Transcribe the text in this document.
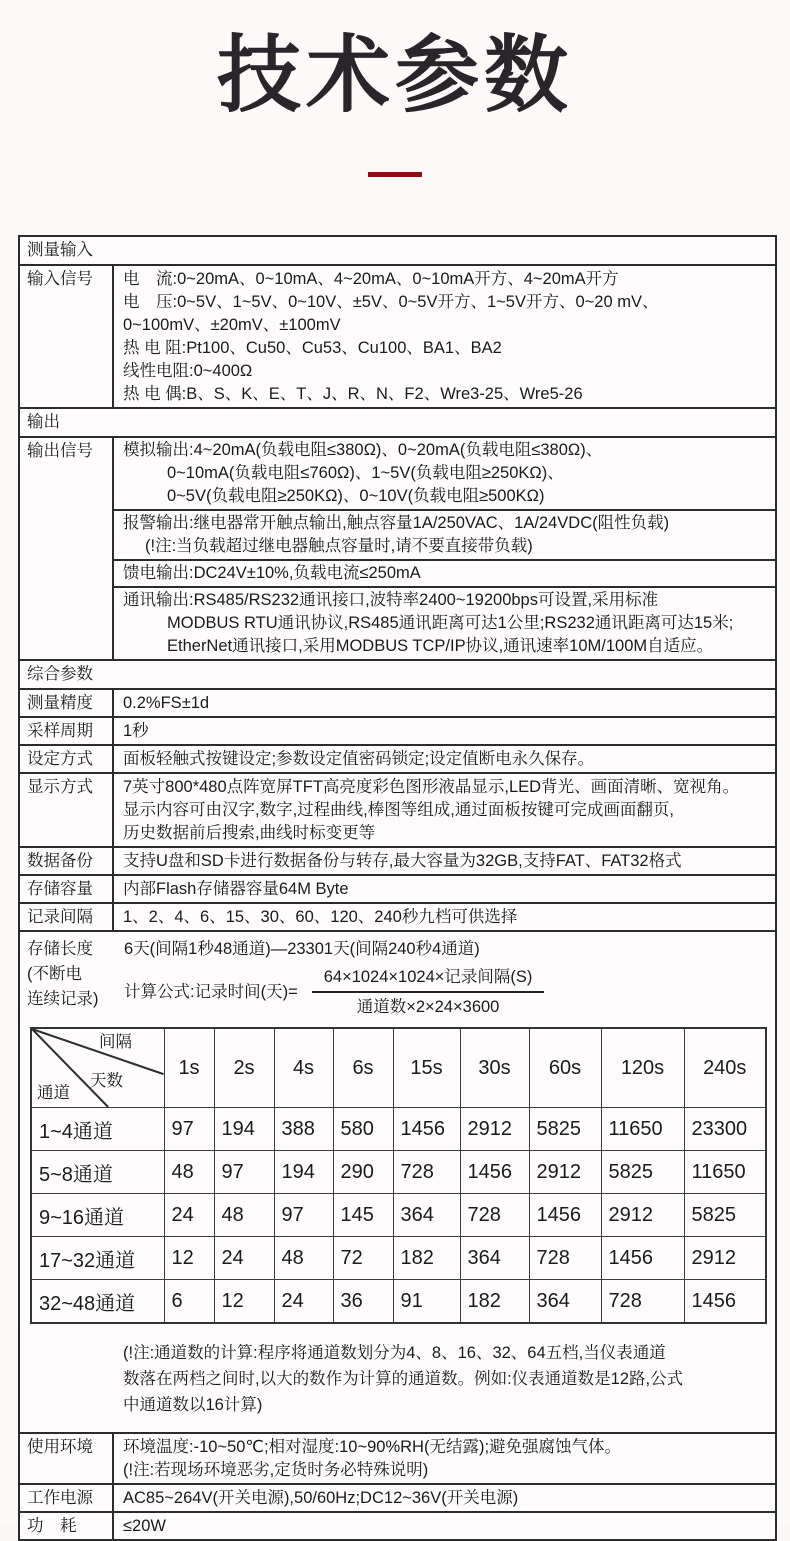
技术参数
测量输入
输入信号	电　流:0~20mA、0~10mA、4~20mA、0~10mA开方、4~20mA开方
电　压:0~5V、1~5V、0~10V、±5V、0~5V开方、1~5V开方、0~20 mV、
0~100mV、±20mV、±100mV
热 电 阻:Pt100、Cu50、Cu53、Cu100、BA1、BA2
线性电阻:0~400Ω
热 电 偶:B、S、K、E、T、J、R、N、F2、Wre3-25、Wre5-26
输出
输出信号	模拟输出:4~20mA(负载电阻≤380Ω)、0~20mA(负载电阻≤380Ω)、
0~10mA(负载电阻≤760Ω)、1~5V(负载电阻≥250KΩ)、
0~5V(负载电阻≥250KΩ)、0~10V(负载电阻≥500KΩ)
报警输出:继电器常开触点输出,触点容量1A/250VAC、1A/24VDC(阻性负载)
(!注:当负载超过继电器触点容量时,请不要直接带负载)
馈电输出:DC24V±10%,负载电流≤250mA
通讯输出:RS485/RS232通讯接口,波特率2400~19200bps可设置,采用标准
MODBUS RTU通讯协议,RS485通讯距离可达1公里;RS232通讯距离可达15米;
EtherNet通讯接口,采用MODBUS TCP/IP协议,通讯速率10M/100M自适应。
综合参数
测量精度	0.2%FS±1d
采样周期	1秒
设定方式	面板轻触式按键设定;参数设定值密码锁定;设定值断电永久保存。
显示方式	7英寸800*480点阵宽屏TFT高亮度彩色图形液晶显示,LED背光、画面清晰、宽视角。
显示内容可由汉字,数字,过程曲线,棒图等组成,通过面板按键可完成画面翻页,
历史数据前后搜索,曲线时标变更等
数据备份	支持U盘和SD卡进行数据备份与转存,最大容量为32GB,支持FAT、FAT32格式
存储容量	内部Flash存储器容量64M Byte
记录间隔	1、2、4、6、15、30、60、120、240秒九档可供选择
存储长度
(不断电
连续记录)
6天(间隔1秒48通道)—23301天(间隔240秒4通道)
计算公式:记录时间(天)= $\frac{\text{64×1024×1024×记录间隔(S)}}{\text{通道数×2×24×3600}}$
间隔
天数
通道	1s	2s	4s	6s	15s	30s	60s	120s	240s
1~4通道	97	194	388	580	1456	2912	5825	11650	23300
5~8通道	48	97	194	290	728	1456	2912	5825	11650
9~16通道	24	48	97	145	364	728	1456	2912	5825
17~32通道	12	24	48	72	182	364	728	1456	2912
32~48通道	6	12	24	36	91	182	364	728	1456
(!注:通道数的计算:程序将通道数划分为4、8、16、32、64五档,当仪表通道
数落在两档之间时,以大的数作为计算的通道数。例如:仪表通道数是12路,公式
中通道数以16计算)
使用环境	环境温度:-10~50℃;相对湿度:10~90%RH(无结露);避免强腐蚀气体。
(!注:若现场环境恶劣,定货时务必特殊说明)
工作电源	AC85~264V(开关电源),50/60Hz;DC12~36V(开关电源)
功　耗	≤20W
